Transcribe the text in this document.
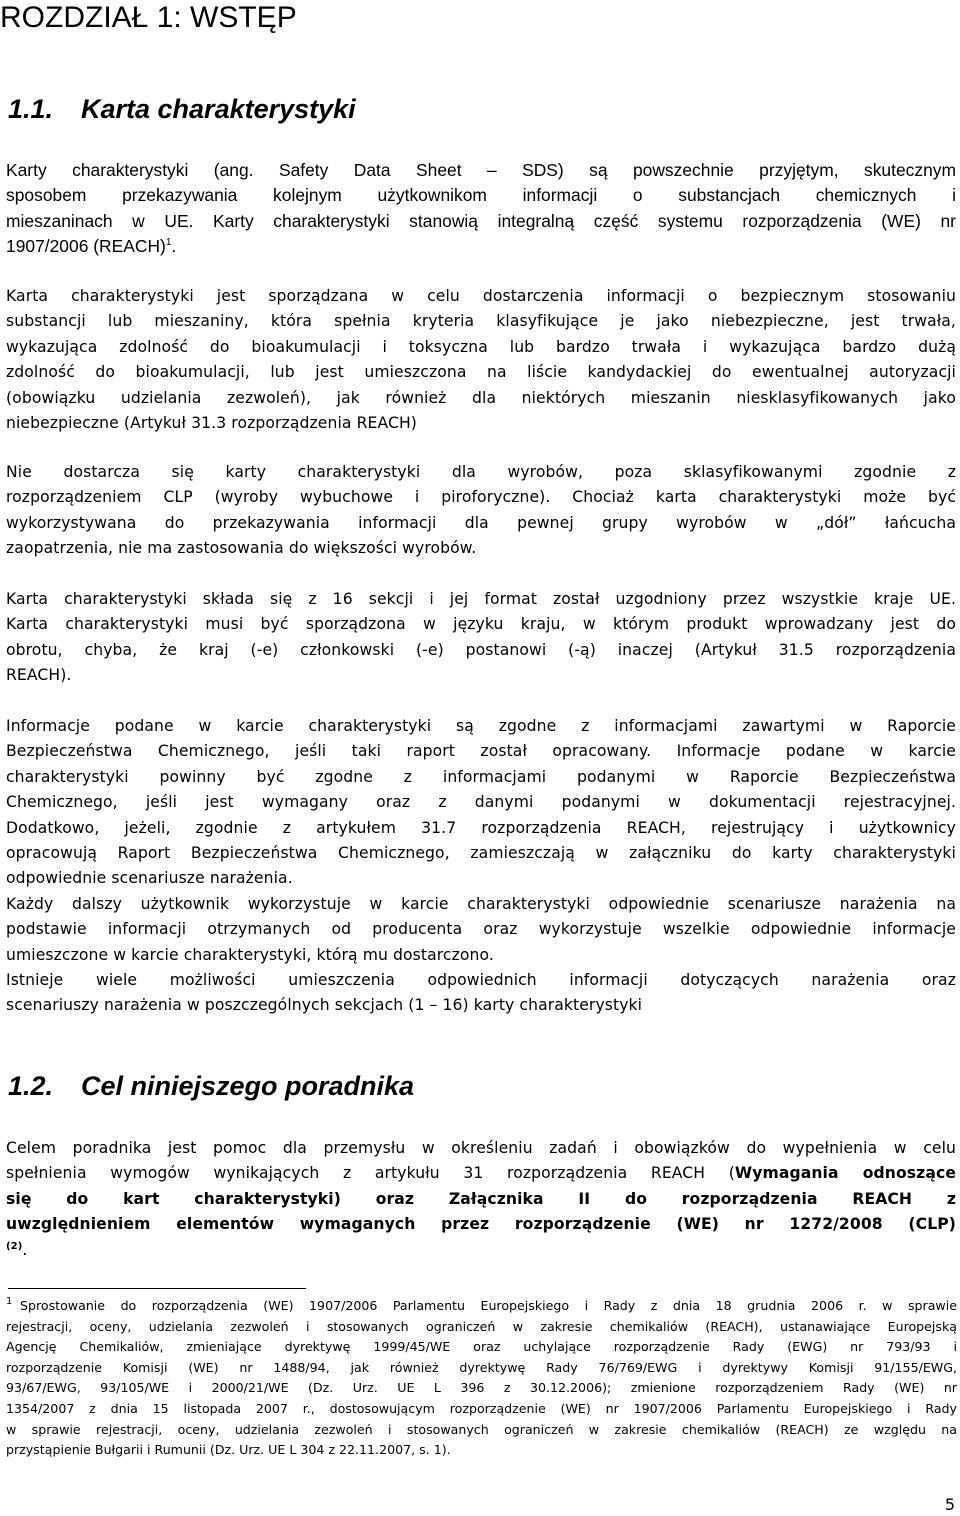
ROZDZIAŁ 1: WSTĘP
1.1. Karta charakterystyki
Karty charakterystyki (ang. Safety Data Sheet – SDS) są powszechnie przyjętym, skutecznym
sposobem przekazywania kolejnym użytkownikom informacji o substancjach chemicznych i
mieszaninach w UE. Karty charakterystyki stanowią integralną część systemu rozporządzenia (WE) nr
1907/2006 (REACH)$^1$.
Karta charakterystyki jest sporządzana w celu dostarczenia informacji o bezpiecznym stosowaniu
substancji lub mieszaniny, która spełnia kryteria klasyfikujące je jako niebezpieczne, jest trwała,
wykazująca zdolność do bioakumulacji i toksyczna lub bardzo trwała i wykazująca bardzo dużą
zdolność do bioakumulacji, lub jest umieszczona na liście kandydackiej do ewentualnej autoryzacji
(obowiązku udzielania zezwoleń), jak również dla niektórych mieszanin niesklasyfikowanych jako
niebezpieczne (Artykuł 31.3 rozporządzenia REACH)
Nie dostarcza się karty charakterystyki dla wyrobów, poza sklasyfikowanymi zgodnie z
rozporządzeniem CLP (wyroby wybuchowe i piroforyczne). Chociaż karta charakterystyki może być
wykorzystywana do przekazywania informacji dla pewnej grupy wyrobów w „dół” łańcucha
zaopatrzenia, nie ma zastosowania do większości wyrobów.
Karta charakterystyki składa się z 16 sekcji i jej format został uzgodniony przez wszystkie kraje UE.
Karta charakterystyki musi być sporządzona w języku kraju, w którym produkt wprowadzany jest do
obrotu, chyba, że kraj (-e) członkowski (-e) postanowi (-ą) inaczej (Artykuł 31.5 rozporządzenia
REACH).
Informacje podane w karcie charakterystyki są zgodne z informacjami zawartymi w Raporcie
Bezpieczeństwa Chemicznego, jeśli taki raport został opracowany. Informacje podane w karcie
charakterystyki powinny być zgodne z informacjami podanymi w Raporcie Bezpieczeństwa
Chemicznego, jeśli jest wymagany oraz z danymi podanymi w dokumentacji rejestracyjnej.
Dodatkowo, jeżeli, zgodnie z artykułem 31.7 rozporządzenia REACH, rejestrujący i użytkownicy
opracowują Raport Bezpieczeństwa Chemicznego, zamieszczają w załączniku do karty charakterystyki
odpowiednie scenariusze narażenia.
Każdy dalszy użytkownik wykorzystuje w karcie charakterystyki odpowiednie scenariusze narażenia na
podstawie informacji otrzymanych od producenta oraz wykorzystuje wszelkie odpowiednie informacje
umieszczone w karcie charakterystyki, którą mu dostarczono.
Istnieje wiele możliwości umieszczenia odpowiednich informacji dotyczących narażenia oraz
scenariuszy narażenia w poszczególnych sekcjach (1 – 16) karty charakterystyki
1.2. Cel niniejszego poradnika
Celem poradnika jest pomoc dla przemysłu w określeniu zadań i obowiązków do wypełnienia w celu
spełnienia wymogów wynikających z artykułu 31 rozporządzenia REACH (Wymagania odnoszące
się do kart charakterystyki) oraz Załącznika II do rozporządzenia REACH z
uwzględnieniem elementów wymaganych przez rozporządzenie (WE) nr 1272/2008 (CLP)
$^{(2)}$.
1 Sprostowanie do rozporządzenia (WE) 1907/2006 Parlamentu Europejskiego i Rady z dnia 18 grudnia 2006 r. w sprawie
rejestracji, oceny, udzielania zezwoleń i stosowanych ograniczeń w zakresie chemikaliów (REACH), ustanawiające Europejską
Agencję Chemikaliów, zmieniające dyrektywę 1999/45/WE oraz uchylające rozporządzenie Rady (EWG) nr 793/93 i
rozporządzenie Komisji (WE) nr 1488/94, jak również dyrektywę Rady 76/769/EWG i dyrektywy Komisji 91/155/EWG,
93/67/EWG, 93/105/WE i 2000/21/WE (Dz. Urz. UE L 396 z 30.12.2006); zmienione rozporządzeniem Rady (WE) nr
1354/2007 z dnia 15 listopada 2007 r., dostosowującym rozporządzenie (WE) nr 1907/2006 Parlamentu Europejskiego i Rady
w sprawie rejestracji, oceny, udzielania zezwoleń i stosowanych ograniczeń w zakresie chemikaliów (REACH) ze względu na
przystąpienie Bułgarii i Rumunii (Dz. Urz. UE L 304 z 22.11.2007, s. 1).
5
